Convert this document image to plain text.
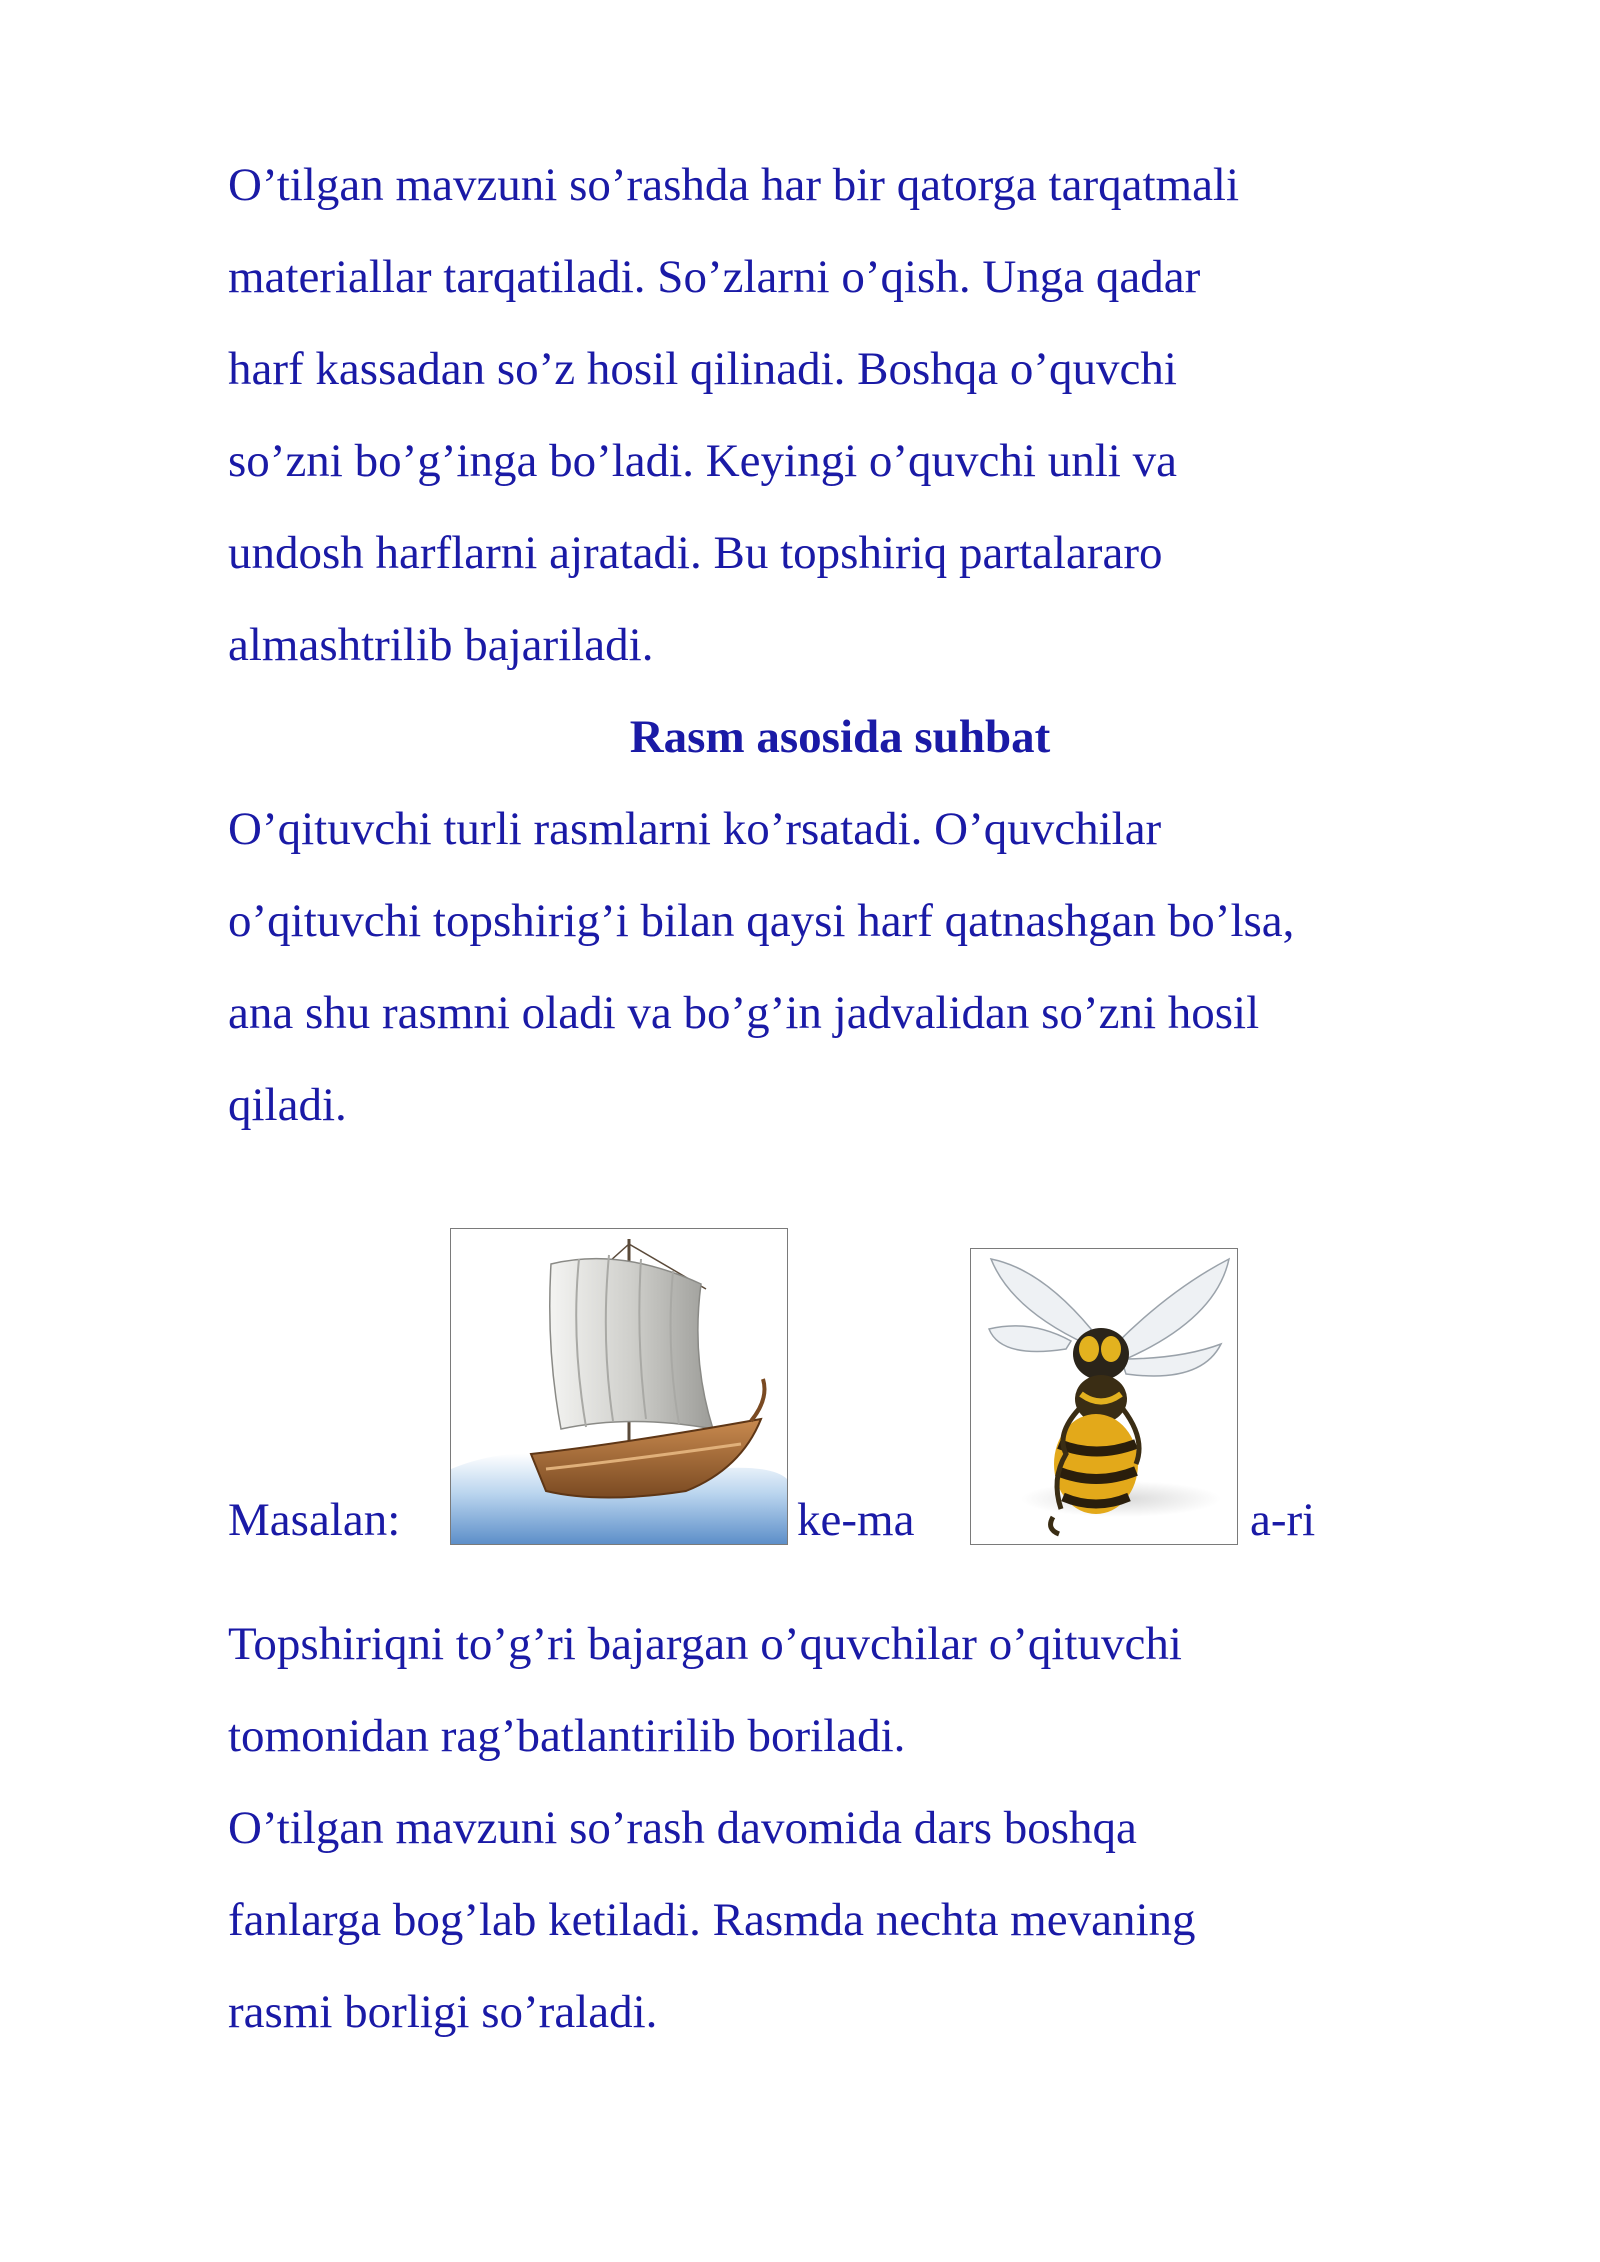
O’tilgan mavzuni so’rashda har bir qatorga tarqatmali
materiallar tarqatiladi. So’zlarni o’qish. Unga qadar
harf kassadan so’z hosil qilinadi. Boshqa o’quvchi
so’zni bo’g’inga bo’ladi. Keyingi o’quvchi unli va
undosh harflarni ajratadi. Bu topshiriq partalararo
almashtrilib bajariladi.
Rasm asosida suhbat
O’qituvchi turli rasmlarni ko’rsatadi. O’quvchilar
o’qituvchi topshirig’i bilan qaysi harf qatnashgan bo’lsa,
ana shu rasmni oladi va bo’g’in jadvalidan so’zni hosil
qiladi.
Masalan:	ke-ma	a-ri
Topshiriqni to’g’ri bajargan o’quvchilar o’qituvchi
tomonidan rag’batlantirilib boriladi.
O’tilgan mavzuni so’rash davomida dars boshqa
fanlarga bog’lab ketiladi. Rasmda nechta mevaning
rasmi borligi so’raladi.
